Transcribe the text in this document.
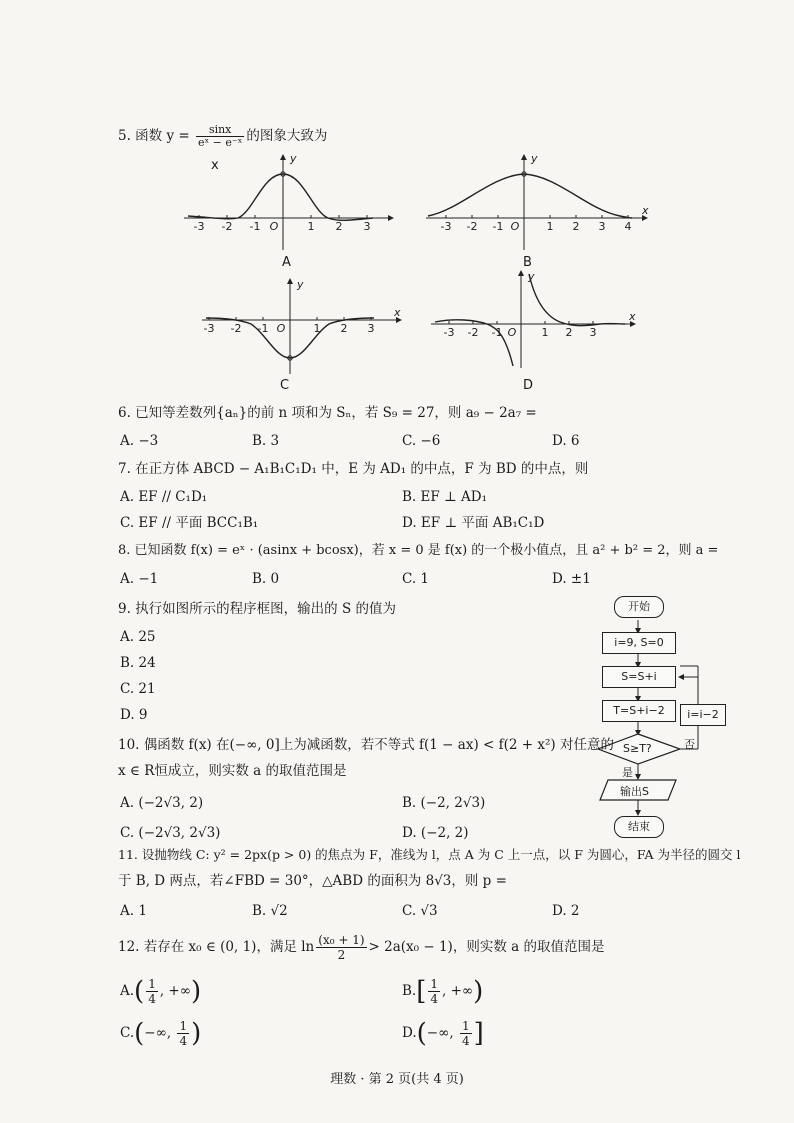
5. 函数 $y = \frac{\sin x}{\text{eˣ − e⁻ˣ}}$ 的图象大致为
-3 -2 -1 O	1 2 3
y
x
A
-3 -2 -1 O 1 2 3 4
y
x
B
-3 -2 -1 O	1 2 3
y
x
C
-3 -2 -1 O 1 2 3
y
x
D
6. 已知等差数列{aₙ}的前 n 项和为 Sₙ，若 S₉ = 27，则 a₉ − 2a₇ =
A. −3	B. 3	C. −6	D. 6
7. 在正方体 ABCD − A₁B₁C₁D₁ 中，E 为 AD₁ 的中点，F 为 BD 的中点，则
A. EF // C₁D₁	B. EF ⊥ AD₁
C. EF // 平面 BCC₁B₁	D. EF ⊥ 平面 AB₁C₁D
8. 已知函数 f(x) = eˣ · (asinx + bcosx)，若 x = 0 是 f(x) 的一个极小值点，且 a² + b² = 2，则 a =
A. −1	B. 0	C. 1	D. ±1
9. 执行如图所示的程序框图，输出的 S 的值为
A. 25
B. 24
C. 21
D. 9
开始
i=9, S=0
S=S+i
T=S+i−2	i=i−2
S≥T?	否
是
输出S
结束
10. 偶函数 f(x) 在(−∞, 0]上为减函数，若不等式 f(1 − ax) < f(2 + x²) 对任意的
x ∈ R恒成立，则实数 a 的取值范围是
A. (−2√3, 2)	B. (−2, 2√3)
C. (−2√3, 2√3)	D. (−2, 2)
11. 设抛物线 C: y² = 2px(p > 0) 的焦点为 F，准线为 l，点 A 为 C 上一点，以 F 为圆心，FA 为半径的圆交 l
于 B, D 两点，若∠FBD = 30°，△ABD 的面积为 8√3，则 p =
A. 1	B. √2	C. √3	D. 2
12. 若存在 x₀ ∈ (0, 1)，满足 $\ln \frac{\text{(x₀ + 1)}}{2} > 2a(x_0 - 1)$，则实数 a 的取值范围是
$A.( \frac{1}{4}$ , +∞)	$B.[ \frac{1}{4}$ , +∞)
C.(−∞, $\frac{1}{4}$ )	D.(−∞, $\frac{1}{4}$ ]
理数 · 第 2 页(共 4 页)
